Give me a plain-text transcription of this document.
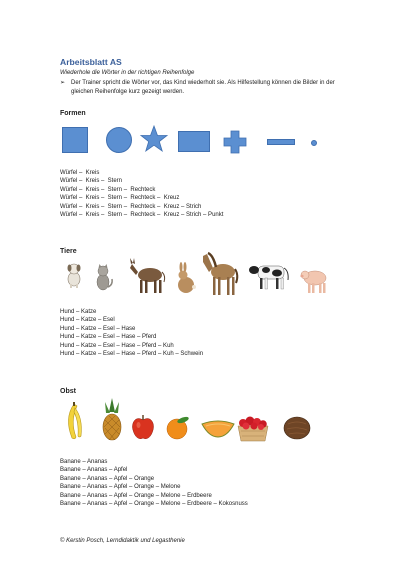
Arbeitsblatt AS
Wiederhole die Wörter in der richtigen Reihenfolge
➢ Der Trainer spricht die Wörter vor, das Kind wiederholt sie. Als Hilfestellung können die Bilder in der gleichen Reihenfolge kurz gezeigt werden.
Formen
Würfel –  Kreis
Würfel –  Kreis –  Stern
Würfel –  Kreis –  Stern –  Rechteck
Würfel –  Kreis –  Stern –  Rechteck –  Kreuz
Würfel –  Kreis –  Stern –  Rechteck –  Kreuz – Strich
Würfel –  Kreis –  Stern –  Rechteck –  Kreuz – Strich – Punkt
Tiere
Hund – Katze
Hund – Katze – Esel
Hund – Katze – Esel – Hase
Hund – Katze – Esel – Hase – Pferd
Hund – Katze – Esel – Hase – Pferd – Kuh
Hund – Katze – Esel – Hase – Pferd – Kuh – Schwein
Obst
Banane – Ananas
Banane – Ananas – Apfel
Banane – Ananas – Apfel – Orange
Banane – Ananas – Apfel – Orange – Melone
Banane – Ananas – Apfel – Orange – Melone – Erdbeere
Banane – Ananas – Apfel – Orange – Melone – Erdbeere – Kokosnuss
© Kerstin Posch, Lerndidaktik und Legasthenie
